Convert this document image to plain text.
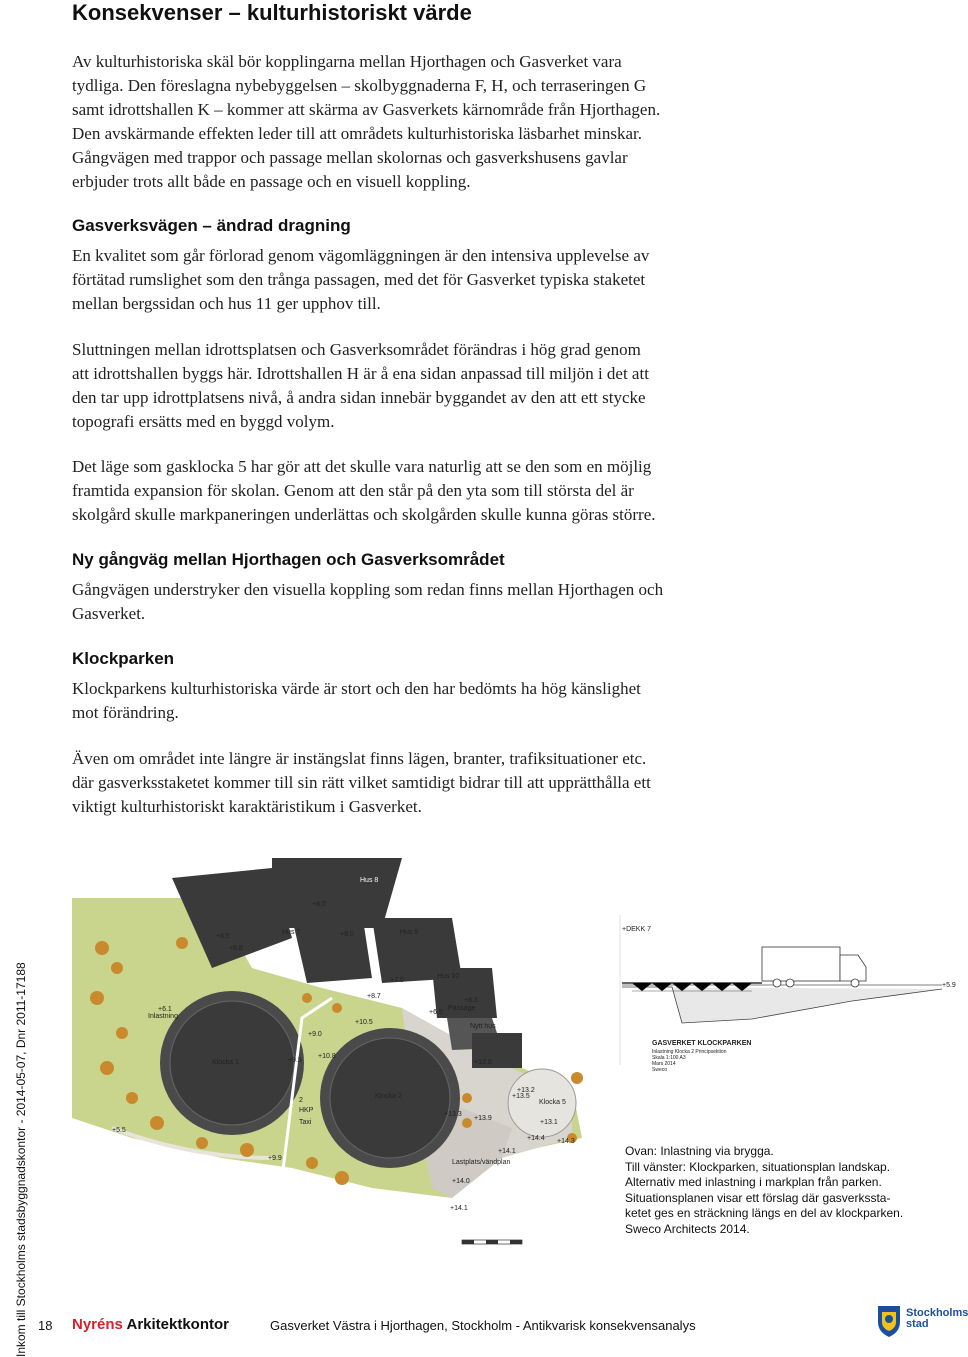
Konsekvenser – kulturhistoriskt värde
Av kulturhistoriska skäl bör kopplingarna mellan Hjorthagen och Gasverket vara
tydliga. Den föreslagna nybebyggelsen – skolbyggnaderna F, H, och terraseringen G
samt idrottshallen K – kommer att skärma av Gasverkets kärnområde från Hjorthagen.
Den avskärmande effekten leder till att områdets kulturhistoriska läsbarhet minskar.
Gångvägen med trappor och passage mellan skolornas och gasverkshusens gavlar
erbjuder trots allt både en passage och en visuell koppling.
Gasverksvägen – ändrad dragning
En kvalitet som går förlorad genom vägomläggningen är den intensiva upplevelse av
förtätad rumslighet som den trånga passagen, med det för Gasverket typiska staketet
mellan bergssidan och hus 11 ger upphov till.
Sluttningen mellan idrottsplatsen och Gasverksområdet förändras i hög grad genom
att idrottshallen byggs här. Idrottshallen H är å ena sidan anpassad till miljön i det att
den tar upp idrottplatsens nivå, å andra sidan innebär byggandet av den att ett stycke
topografi ersätts med en byggd volym.
Det läge som gasklocka 5 har gör att det skulle vara naturlig att se den som en möjlig
framtida expansion för skolan. Genom att den står på den yta som till största del är
skolgård skulle markpaneringen underlättas och skolgården skulle kunna göras större.
Ny gångväg mellan Hjorthagen och Gasverksområdet
Gångvägen understryker den visuella koppling som redan finns mellan Hjorthagen och
Gasverket.
Klockparken
Klockparkens kulturhistoriska värde är stort och den har bedömts ha hög känslighet
mot förändring.
Även om området inte längre är instängslat finns lägen, branter, trafiksituationer etc.
där gasverksstaketet kommer till sin rätt vilket samtidigt bidrar till att upprätthålla ett
viktigt kulturhistoriskt karaktäristikum i Gasverket.
Hus 8
Hus 7	Hus 9
Hus 10
Passage
Nytt hus
Inlastning
Klocka 1
Klocka 2
Klocka 5
2
HKP
Taxi
Lastplats/vändplan
+8.0
+6.5
+6.8
+8.0
+7.0
+8.7
+8.3
+6.5
+6.1
+9.0
+10.5
+9.5
+10.8
+12.8
+13.2
+13.3
+13.9
+13.5
+14.4 +14.3
+13.1
+14.1
+14.0
+14.1
+5.5
+9.9
+DEKK 7
+5.9
GASVERKET KLOCKPARKEN
Inlastning Klocka 2 Principsektion
Skala 1:100 A3
Mars 2014
Sweco
Ovan: Inlastning via brygga.
Till vänster: Klockparken, situationsplan landskap.
Alternativ med inlastning i markplan från parken.
Situationsplanen visar ett förslag där gasverkssta-
ketet ges en sträckning längs en del av klockparken.
Sweco Architects 2014.
Inkom till Stockholms stadsbyggnadskontor - 2014-05-07, Dnr 2011-17188 18 Nyréns Arkitektkontor	Gasverket Västra i Hjorthagen, Stockholm - Antikvarisk konsekvensanalys
Stockholms
stad
